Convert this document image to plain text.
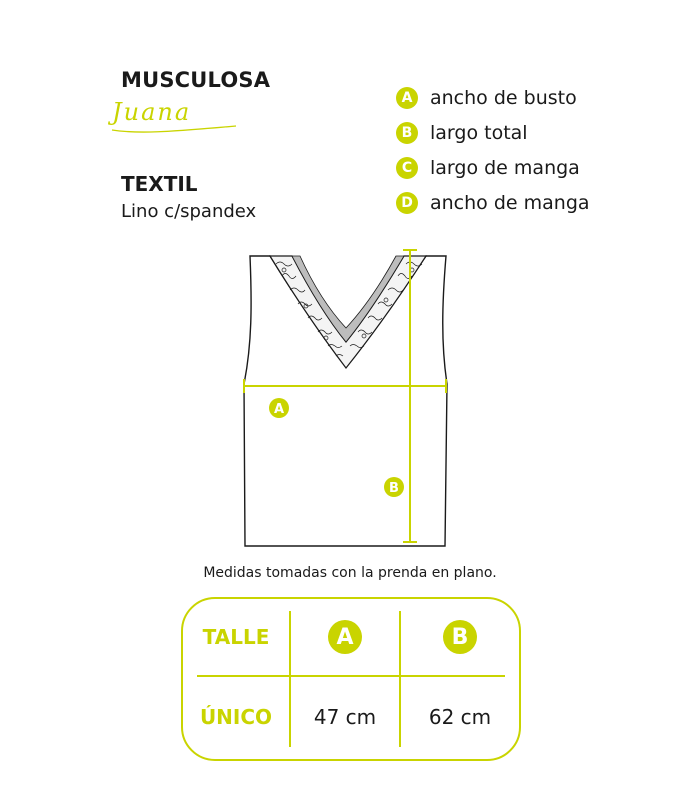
MUSCULOSA
Juana
TEXTIL
Lino c/spandex
A ancho de busto
B largo total
C largo de manga
D ancho de manga
A
B
Medidas tomadas con la prenda en plano.
TALLE	A	B
ÚNICO 47 cm	62 cm
